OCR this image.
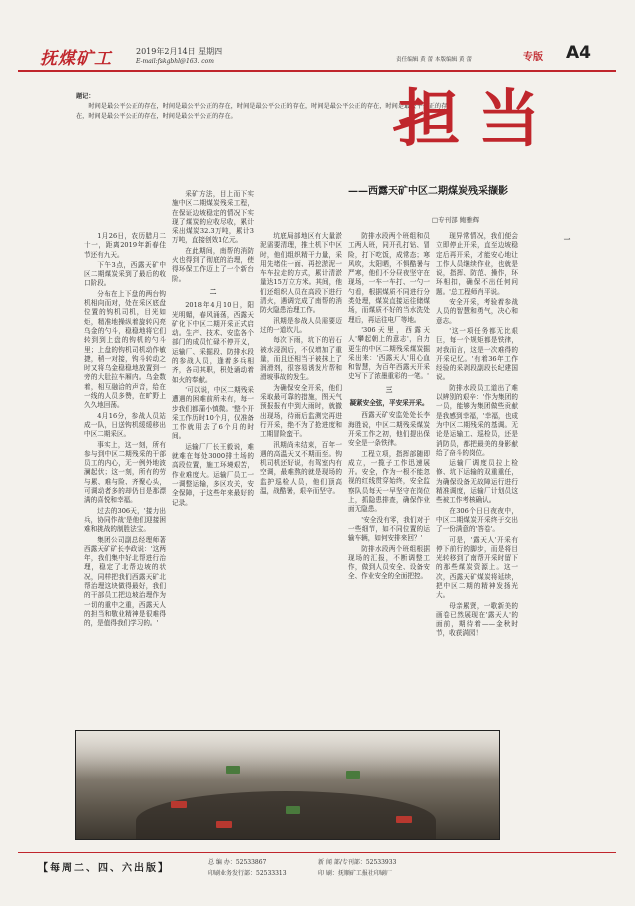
抚煤矿工	2019年2月14日 星期四
E-mail:fskgbhl@163. com	责任编辑 黄 蕾 本版编辑 黄 蕾	专版 A4
题记：

时间是最公平公正的存在，时间是最公平公正的存在，时间是最公平公正的存在，时间是最公平公正的存在，时间是最公平公正的存在，时间是最公平公正的存在，时间是最公平公正的存在。	担当
——西露天矿中区二期煤炭残采撷影
□专刊部 鲍雅辉

1月26日，农历腊月二十一，距离2019年新春佳节还有九天。

下午3点，西露天矿中区二期煤炭采到了最后的收口阶段。

分布在上下盘的两台钩机相向而对，处在采区底盘位置的钩机司机，目光如炬，精准地操纵着旋转闪亮乌金的勺斗，稳稳地将它们转到到上盘的钩机的勺斗里；上盘的钩机司机动作敏捷，稍一对接，钩斗转动之时又将乌金稳稳地放置到一旁的大肚拉车厢内。乌金数着，相互融洽的声音，给在一线的人员多赞，在旷野上久久地回荡。

4月16分，参战人员站成一队，日送钩机缓缓移出中区二期采区。

事实上，这一刻，所有参与到中区二期残采的干部员工的内心，无一例外地波澜起伏；这一刻，所有的劳与累、难与险、齐聚心头，可调动者多的却仍目是那漂满的喜悦和幸福。

过去的306天，'接力出兵，协同作战'是他们迎接困难和挑战的制胜法宝。

集团公司副总经理师著西露天矿矿长李政说：'这两年，我们集中好北帮进行治理，稳定了北帮边坡的状况，同样把我们西露天矿北帮治理这块做得最好，我们的干部员工把边坡治理作为一切的重中之重，西露天人的担当和敬业精神是很难得的，是值得我们学习的。'

采矿方法，目上而下实施中区二期煤炭残采工程，在保证边坡稳定的情况下实现了煤炭的应收尽收，累计采出煤炭32.3万吨，累计3万吨，直接创效1亿元。

在此期间，南帮的消防火也得到了彻底的治理，使得环保工作迈上了一个新台阶。

二

2018年4月10日，阳光明媚，春风涌荡，西露天矿化下中区二期开采正式启动。生产、技术、安监各个部门的成员忙碌不停开义，运输厂、采掘段、防排水段的参战人员，逢着多兵相齐，各司其职，积处诵动着如火的奉献。

'可以说，中区二期残采遭遇的困难前所未有，每一步我们都蒲小慎微。'整个开采工作历时10个月，仅准备工作就用去了6个月的时间。

运输厂厂长王毅说，难就难在每处3000排土场的高段位置，施工环境艰苦，作业难度大。运输厂员工一一调整运输，多区攻关，安全保障，于这些年来最好的记录。

坑底局部地区有大量淤泥需要清理，推土机下中区时，他们组织精干力量，采用先堵住一面、再挖淤泥一车车拉走的方式，累计清淤量达15万立方米。其间，他们还组织人员在高段下进行清火，遇调完成了南帮的消防火隐患治理工作。

汛期是参战人员需要迈过的一道坎儿。

每次下雨，坑下的岩石被水浸润后，不仅增加了重量，而且还相当于被抹上了润滑剂，很容易诱发片帮和滑坡事故的发生。

为确保安全开采，他们采取最可靠的措施，图天气预报报有中到大雨时，就撤出现场，待雨后监测完再进行开采，绝不为了抢进度和工期冒险蛮干。

汛期尚未结束，百年一遇的高温天又不期而至。钩机司机还好说，有驾室内有空调，最难熬的就是现场的监护巡检人员，他们顶高温，战酷暑，艰辛而坚守。

防排水段两个班组和员工两人班，同开孔打钻、冒险，打下吃饭，成常态；寒风吹，太阳晒，不惧酷暑与严寒，他们不分昼夜坚守在现场，一车一车打、一勺一勺看，根据煤质不同进行分类处理，煤炭直接运往储煤场，而煤质不好的当水洗处理后，再运往电厂等地。

'306天里，西露天人'攀起朝上的意志'，自力更生的中区二期残采煤炭掘采出来：'西露天人'用心血和智慧，为百年西露天开采史写下了浓墨重彩的一笔。'

三
凝紧安全弦，平安采开采。

西露天矿安监处处长李海胜说，中区二期残采煤炭开采工作之初，他们提出保安全是一条铁律。

工程立项，指挥部随即成立，一揽子工作迅速展开。安全，作为一根不能忽视的红线贯穿始终，安全监察队员每天一早坚守在岗位上，抓隐患排查，确保作业面无隐患。

'安全没有零，我们对于一些细节，如不同位置的运输车辆，如何安排来回？'

防排水段两个班组根据现场的汇报，不断调整工作，做到人员安全、设备安全、作业安全的全面把控。

现异常情况，我们便会立即停止开采，直至边坡稳定后再开采，才能安心地让工作人员继续作业，也就是说，指挥、防范、操作，环环相扣，确保不出任何问题。'总工程师肖平说。

安全开采，考验着参战人员的智慧和勇气，决心和意志。

'这一项任务都无比艰巨，每一个规矩都是铁律，对我而言，这是一次难得的开采记忆。'有着36年工作经验的采剥段副段长纪建国说。

防排水段员工道出了难以辨别的艰辛：'作为集团的一员，能够为集团做些贡献是我感到幸福，'幸福，也成为中区二期残采的基调。无论是运输工、巡检员，还是消防员，都把最美的身影献给了奋斗的岗位。

运输厂调度员拉上检修、坑下运输的双重重任，为确保设备无故障运行进行精准调度，运输厂计划员这些被工作考核确认。

在306个日日夜夜中，中区二期煤炭开采终于交出了一份满意的'答卷'。

可是，'露天人'开采有停下前行的脚步，而是将目光转移到了南帮开采时留下的那些煤炭资源上。这一次，西露天矿煤炭将延续，把中区二期的精神发扬光大。

母亲累贤，一歌新美的画卷已然展现在'露天人'的面前，期待着——金秋时节，收获满园！

一
【每周二、四、六出版】
总 编 办：52533867	新 闻 部/专刊部：52533933
印刷业务发行部：52533313	印 刷：抚顺矿工报社印刷厂
